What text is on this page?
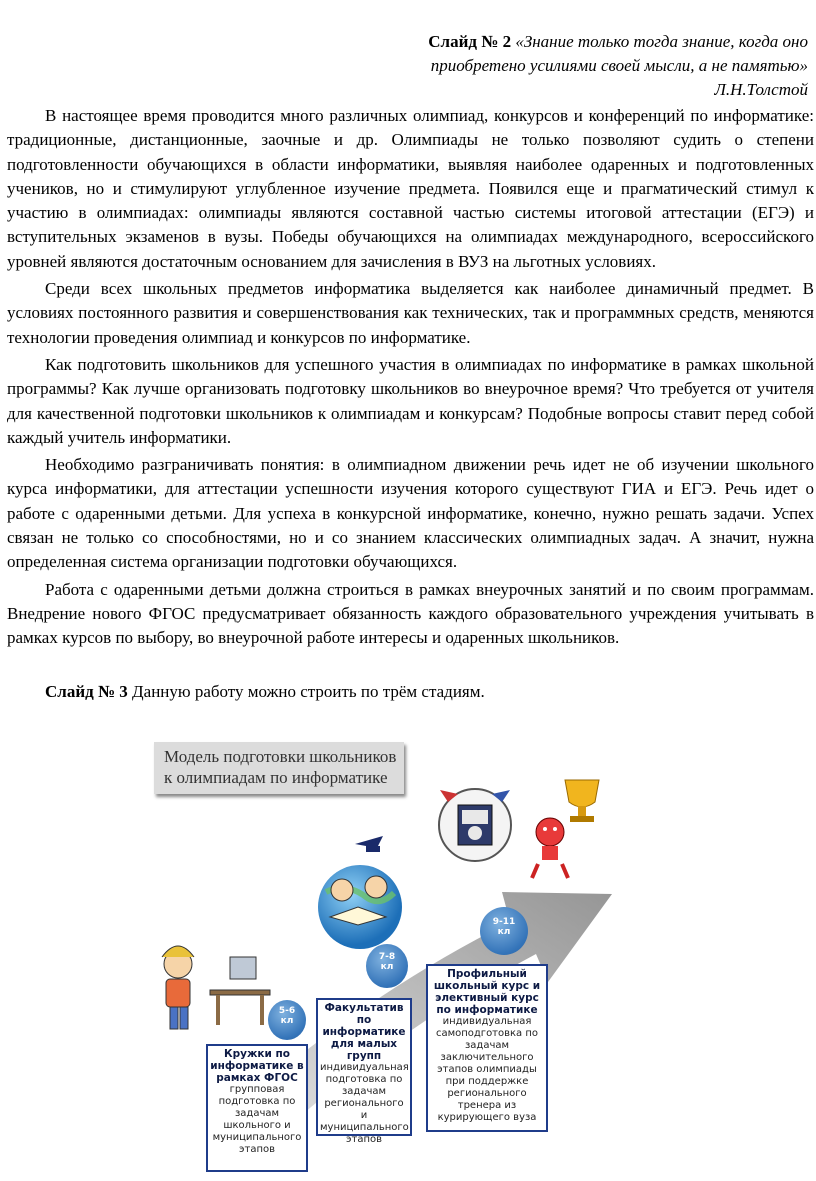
Слайд № 2 «Знание только тогда знание, когда оно
приобретено усилиями своей мысли, а не памятью»
Л.Н.Толстой

В настоящее время проводится много различных олимпиад, конкурсов и конференций по информатике: традиционные, дистанционные, заочные и др. Олимпиады не только позволяют судить о степени подготовленности обучающихся в области информатики, выявляя наиболее одаренных и подготовленных учеников, но и стимулируют углубленное изучение предмета. Появился еще и прагматический стимул к участию в олимпиадах: олимпиады являются составной частью системы итоговой аттестации (ЕГЭ) и вступительных экзаменов в вузы. Победы обучающихся на олимпиадах международного, всероссийского уровней являются достаточным основанием для зачисления в ВУЗ на льготных условиях.

Среди всех школьных предметов информатика выделяется как наиболее динамичный предмет. В условиях постоянного развития и совершенствования как технических, так и программных средств, меняются технологии проведения олимпиад и конкурсов по информатике.

Как подготовить школьников для успешного участия в олимпиадах по информатике в рамках школьной программы? Как лучше организовать подготовку школьников во внеурочное время? Что требуется от учителя для качественной подготовки школьников к олимпиадам и конкурсам? Подобные вопросы ставит перед собой каждый учитель информатики.

Необходимо разграничивать понятия: в олимпиадном движении речь идет не об изучении школьного курса информатики, для аттестации успешности изучения которого существуют ГИА и ЕГЭ. Речь идет о работе с одаренными детьми. Для успеха в конкурсной информатике, конечно, нужно решать задачи. Успех связан не только со способностями, но и со знанием классических олимпиадных задач. А значит, нужна определенная система организации подготовки обучающихся.

Работа с одаренными детьми должна строиться в рамках внеурочных занятий и по своим программам. Внедрение нового ФГОС предусматривает обязанность каждого образовательного учреждения учитывать в рамках курсов по выбору, во внеурочной работе интересы и одаренных школьников.

Слайд № 3 Данную работу можно строить по трём стадиям.
Модель подготовки школьников
к олимпиадам по информатике
5-6
кл
7-8
кл
9-11
кл
Кружки по информатике в рамках ФГОС
групповая подготовка по задачам школьного и муниципального этапов
Факультатив по информатике для малых групп
индивидуальная подготовка по задачам регионального и муниципального этапов
Профильный школьный курс и элективный курс по информатике
индивидуальная самоподготовка по задачам заключительного этапов олимпиады при поддержке регионального тренера из курирующего вуза
